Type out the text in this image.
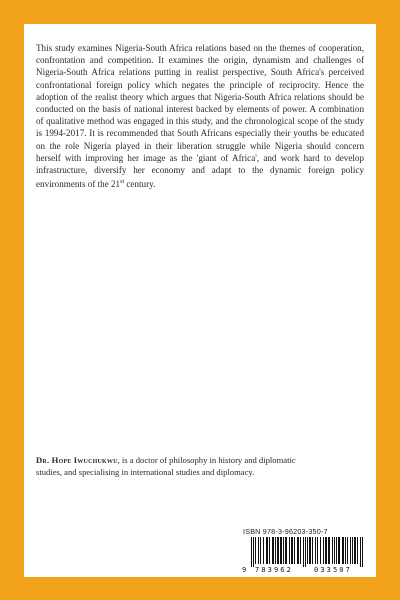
This study examines Nigeria-South Africa relations based on the themes of cooperation, confrontation and competition. It examines the origin, dynamism and challenges of Nigeria-South Africa relations putting in realist perspective, South Africa's perceived confrontational foreign policy which negates the principle of reciprocity. Hence the adoption of the realist theory which argues that Nigeria-South Africa relations should be conducted on the basis of national interest backed by elements of power. A combination of qualitative method was engaged in this study, and the chronological scope of the study is 1994-2017. It is recommended that South Africans especially their youths be educated on the role Nigeria played in their liberation struggle while Nigeria should concern herself with improving her image as the 'giant of Africa', and work hard to develop infrastructure, diversify her economy and adapt to the dynamic foreign policy environments of the 21st century.

Dr. Hope Iwuchukwu, is a doctor of philosophy in history and diplomatic studies, and specialising in international studies and diplomacy.

ISBN 978-3-96203-350-7
9 783962	033507
